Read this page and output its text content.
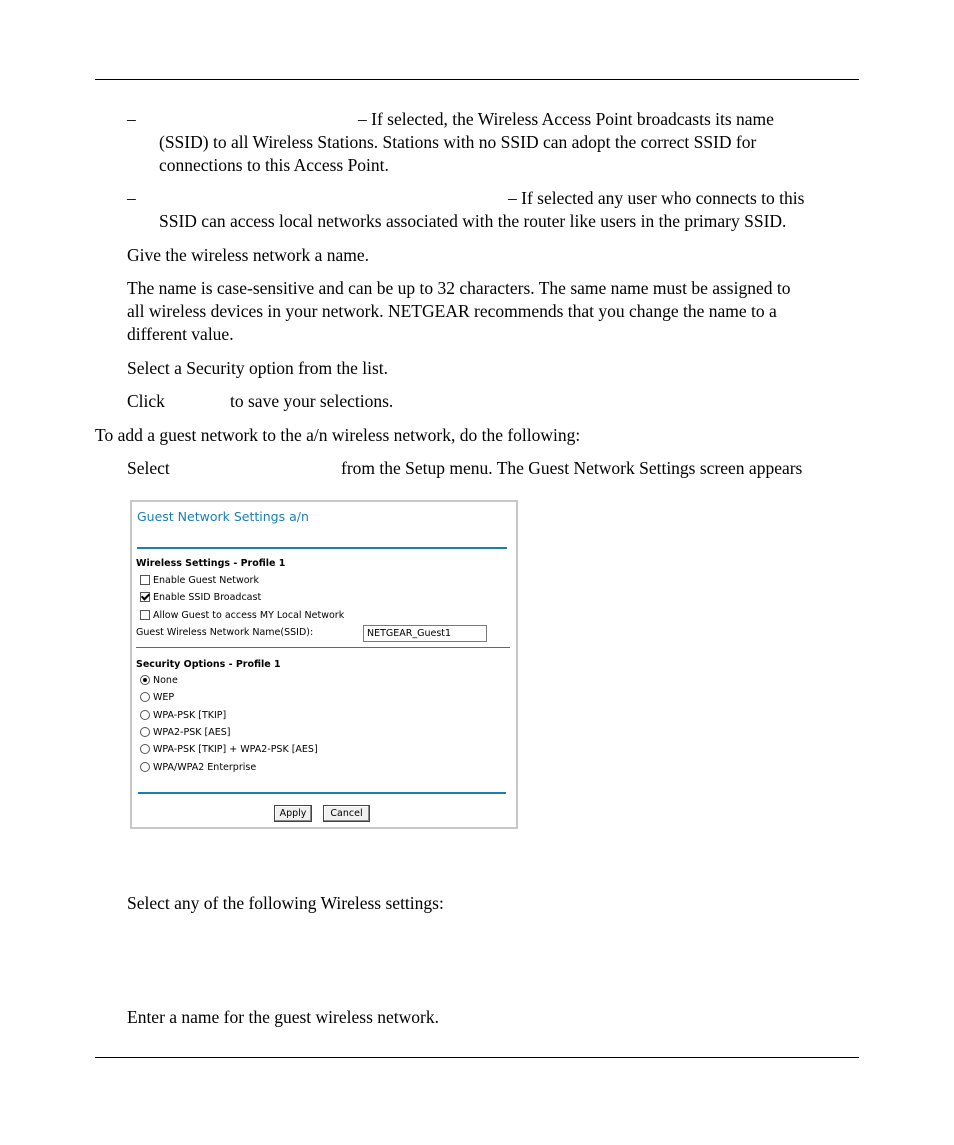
–	– If selected, the Wireless Access Point broadcasts its name

(SSID) to all Wireless Stations. Stations with no SSID can adopt the correct SSID for

connections to this Access Point.

–	– If selected any user who connects to this

SSID can access local networks associated with the router like users in the primary SSID.

Give the wireless network a name.

The name is case-sensitive and can be up to 32 characters. The same name must be assigned to

all wireless devices in your network. NETGEAR recommends that you change the name to a

different value.

Select a Security option from the list.

Click	to save your selections.

To add a guest network to the a/n wireless network, do the following:

Select	from the Setup menu. The Guest Network Settings screen appears

Guest Network Settings a/n
Wireless Settings - Profile 1
Enable Guest Network
Enable SSID Broadcast
Allow Guest to access MY Local Network
Guest Wireless Network Name(SSID):
NETGEAR_Guest1
Security Options - Profile 1
None
WEP
WPA-PSK [TKIP]
WPA2-PSK [AES]
WPA-PSK [TKIP] + WPA2-PSK [AES]
WPA/WPA2 Enterprise
Apply	Cancel

Select any of the following Wireless settings:

Enter a name for the guest wireless network.
